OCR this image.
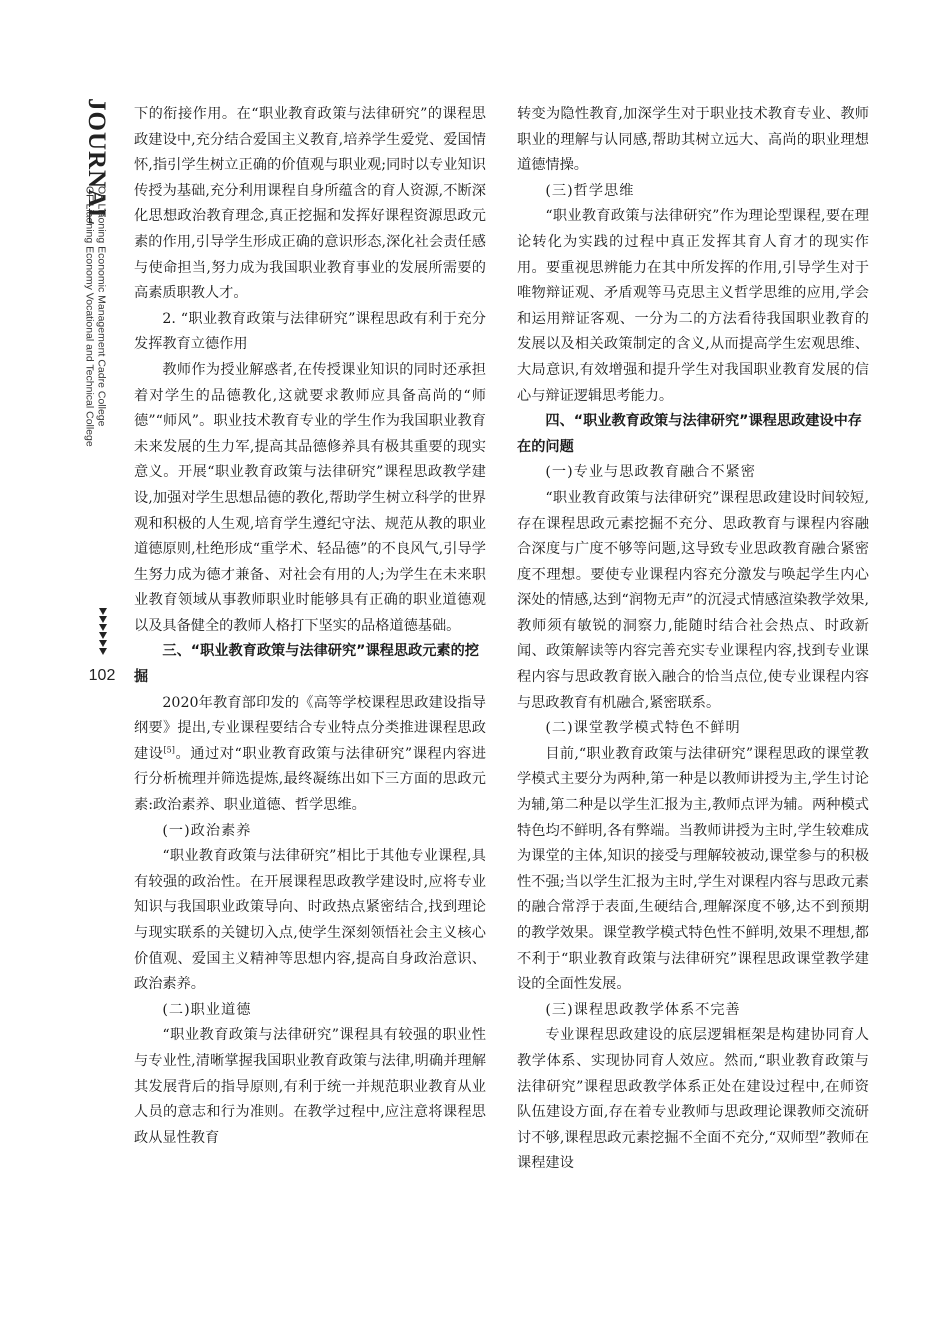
JOURNAL
OF Liaoning Economy Vocational and Technical College OF Liaoning Economic Management Cadre College
102

下的衔接作用。在“职业教育政策与法律研究”的课程思政建设中,充分结合爱国主义教育,培养学生爱党、爱国情怀,指引学生树立正确的价值观与职业观;同时以专业知识传授为基础,充分利用课程自身所蕴含的育人资源,不断深化思想政治教育理念,真正挖掘和发挥好课程资源思政元素的作用,引导学生形成正确的意识形态,深化社会责任感与使命担当,努力成为我国职业教育事业的发展所需要的高素质职教人才。

2. “职业教育政策与法律研究”课程思政有利于充分发挥教育立德作用

教师作为授业解惑者,在传授课业知识的同时还承担着对学生的品德教化,这就要求教师应具备高尚的“师德”“师风”。职业技术教育专业的学生作为我国职业教育未来发展的生力军,提高其品德修养具有极其重要的现实意义。开展“职业教育政策与法律研究”课程思政教学建设,加强对学生思想品德的教化,帮助学生树立科学的世界观和积极的人生观,培育学生遵纪守法、规范从教的职业道德原则,杜绝形成“重学术、轻品德”的不良风气,引导学生努力成为德才兼备、对社会有用的人;为学生在未来职业教育领域从事教师职业时能够具有正确的职业道德观以及具备健全的教师人格打下坚实的品格道德基础。

三、“职业教育政策与法律研究”课程思政元素的挖掘

2020年教育部印发的《高等学校课程思政建设指导纲要》提出,专业课程要结合专业特点分类推进课程思政建设[5]。通过对“职业教育政策与法律研究”课程内容进行分析梳理并筛选提炼,最终凝练出如下三方面的思政元素:政治素养、职业道德、哲学思维。

(一)政治素养

“职业教育政策与法律研究”相比于其他专业课程,具有较强的政治性。在开展课程思政教学建设时,应将专业知识与我国职业政策导向、时政热点紧密结合,找到理论与现实联系的关键切入点,使学生深刻领悟社会主义核心价值观、爱国主义精神等思想内容,提高自身政治意识、政治素养。

(二)职业道德

“职业教育政策与法律研究”课程具有较强的职业性与专业性,清晰掌握我国职业教育政策与法律,明确并理解其发展背后的指导原则,有利于统一并规范职业教育从业人员的意志和行为准则。在教学过程中,应注意将课程思政从显性教育

转变为隐性教育,加深学生对于职业技术教育专业、教师职业的理解与认同感,帮助其树立远大、高尚的职业理想道德情操。

(三)哲学思维

“职业教育政策与法律研究”作为理论型课程,要在理论转化为实践的过程中真正发挥其育人育才的现实作用。要重视思辨能力在其中所发挥的作用,引导学生对于唯物辩证观、矛盾观等马克思主义哲学思维的应用,学会和运用辩证客观、一分为二的方法看待我国职业教育的发展以及相关政策制定的含义,从而提高学生宏观思维、大局意识,有效增强和提升学生对我国职业教育发展的信心与辩证逻辑思考能力。

四、“职业教育政策与法律研究”课程思政建设中存在的问题

(一)专业与思政教育融合不紧密

“职业教育政策与法律研究”课程思政建设时间较短,存在课程思政元素挖掘不充分、思政教育与课程内容融合深度与广度不够等问题,这导致专业思政教育融合紧密度不理想。要使专业课程内容充分激发与唤起学生内心深处的情感,达到“润物无声”的沉浸式情感渲染教学效果,教师须有敏锐的洞察力,能随时结合社会热点、时政新闻、政策解读等内容完善充实专业课程内容,找到专业课程内容与思政教育嵌入融合的恰当点位,使专业课程内容与思政教育有机融合,紧密联系。

(二)课堂教学模式特色不鲜明

目前,“职业教育政策与法律研究”课程思政的课堂教学模式主要分为两种,第一种是以教师讲授为主,学生讨论为辅,第二种是以学生汇报为主,教师点评为辅。两种模式特色均不鲜明,各有弊端。当教师讲授为主时,学生较难成为课堂的主体,知识的接受与理解较被动,课堂参与的积极性不强;当以学生汇报为主时,学生对课程内容与思政元素的融合常浮于表面,生硬结合,理解深度不够,达不到预期的教学效果。课堂教学模式特色性不鲜明,效果不理想,都不利于“职业教育政策与法律研究”课程思政课堂教学建设的全面性发展。

(三)课程思政教学体系不完善

专业课程思政建设的底层逻辑框架是构建协同育人教学体系、实现协同育人效应。然而,“职业教育政策与法律研究”课程思政教学体系正处在建设过程中,在师资队伍建设方面,存在着专业教师与思政理论课教师交流研讨不够,课程思政元素挖掘不全面不充分,“双师型”教师在课程建设
